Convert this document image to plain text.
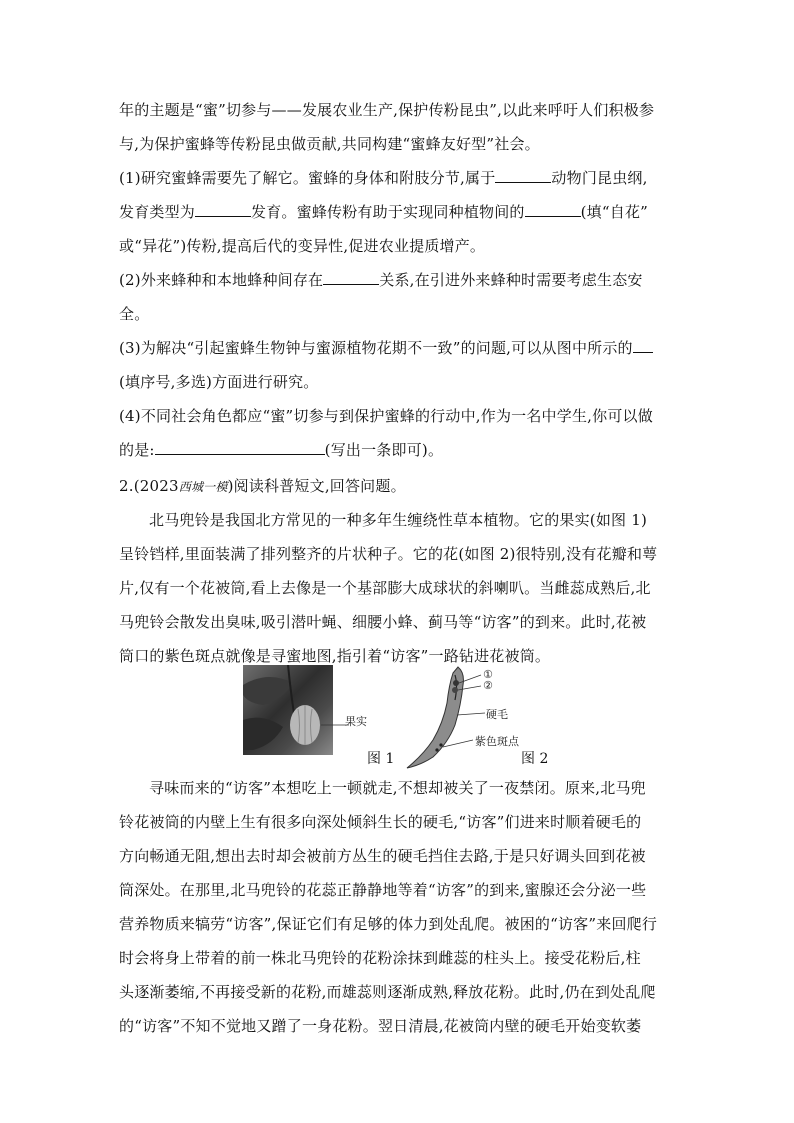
年的主题是“蜜”切参与——发展农业生产,保护传粉昆虫”,以此来呼吁人们积极参
与,为保护蜜蜂等传粉昆虫做贡献,共同构建“蜜蜂友好型”社会。
(1)研究蜜蜂需要先了解它。蜜蜂的身体和附肢分节,属于	动物门昆虫纲,
发育类型为	发育。蜜蜂传粉有助于实现同种植物间的	(填“自花”
或“异花”)传粉,提高后代的变异性,促进农业提质增产。
(2)外来蜂种和本地蜂种间存在	关系,在引进外来蜂种时需要考虑生态安
全。
(3)为解决“引起蜜蜂生物钟与蜜源植物花期不一致”的问题,可以从图中所示的
(填序号,多选)方面进行研究。
(4)不同社会角色都应“蜜”切参与到保护蜜蜂的行动中,作为一名中学生,你可以做
的是:	(写出一条即可)。
2.(2023西城一模)阅读科普短文,回答问题。
北马兜铃是我国北方常见的一种多年生缠绕性草本植物。它的果实(如图 1)
呈铃铛样,里面装满了排列整齐的片状种子。它的花(如图 2)很特别,没有花瓣和萼
片,仅有一个花被筒,看上去像是一个基部膨大成球状的斜喇叭。当雌蕊成熟后,北
马兜铃会散发出臭味,吸引潜叶蝇、细腰小蜂、蓟马等“访客”的到来。此时,花被
筒口的紫色斑点就像是寻蜜地图,指引着“访客”一路钻进花被筒。
果实
图 1
①
②
硬毛
紫色斑点
图 2
寻味而来的“访客”本想吃上一顿就走,不想却被关了一夜禁闭。原来,北马兜
铃花被筒的内壁上生有很多向深处倾斜生长的硬毛,“访客”们进来时顺着硬毛的
方向畅通无阻,想出去时却会被前方丛生的硬毛挡住去路,于是只好调头回到花被
筒深处。在那里,北马兜铃的花蕊正静静地等着“访客”的到来,蜜腺还会分泌一些
营养物质来犒劳“访客”,保证它们有足够的体力到处乱爬。被困的“访客”来回爬行
时会将身上带着的前一株北马兜铃的花粉涂抹到雌蕊的柱头上。接受花粉后,柱
头逐渐萎缩,不再接受新的花粉,而雄蕊则逐渐成熟,释放花粉。此时,仍在到处乱爬
的“访客”不知不觉地又蹭了一身花粉。翌日清晨,花被筒内壁的硬毛开始变软萎
